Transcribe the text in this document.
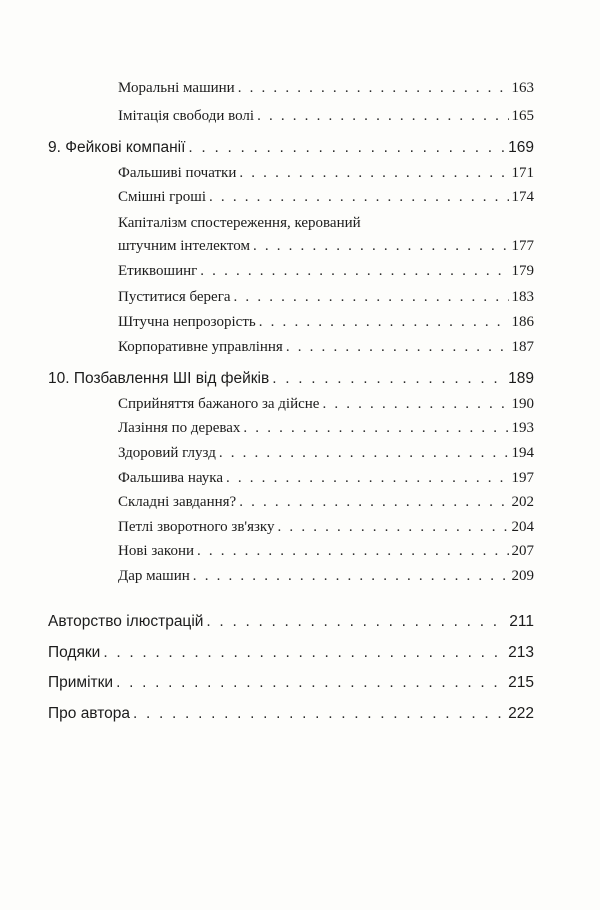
Моральні машини . . .	163
Імітація свободи волі . . .	165
9. Фейкові компанії . . .	169
Фальшиві початки . . .	171
Смішні гроші . . .	174
Капіталізм спостереження, керований
штучним інтелектом . . .	177
Етиквошинг . . .	179
Пуститися берега . . .	183
Штучна непрозорість . . .	186
Корпоративне управління . . .	187
10. Позбавлення ШІ від фейків . . .	189
Сприйняття бажаного за дійсне . . .	190
Лазіння по деревах . . .	193
Здоровий глузд . . .	194
Фальшива наука . . .	197
Складні завдання? . . .	202
Петлі зворотного зв'язку . . .	204
Нові закони . . .	207
Дар машин . . .	209
Авторство ілюстрацій . . .	211
Подяки . . .	213
Примітки . . .	215
Про автора . . .	222
